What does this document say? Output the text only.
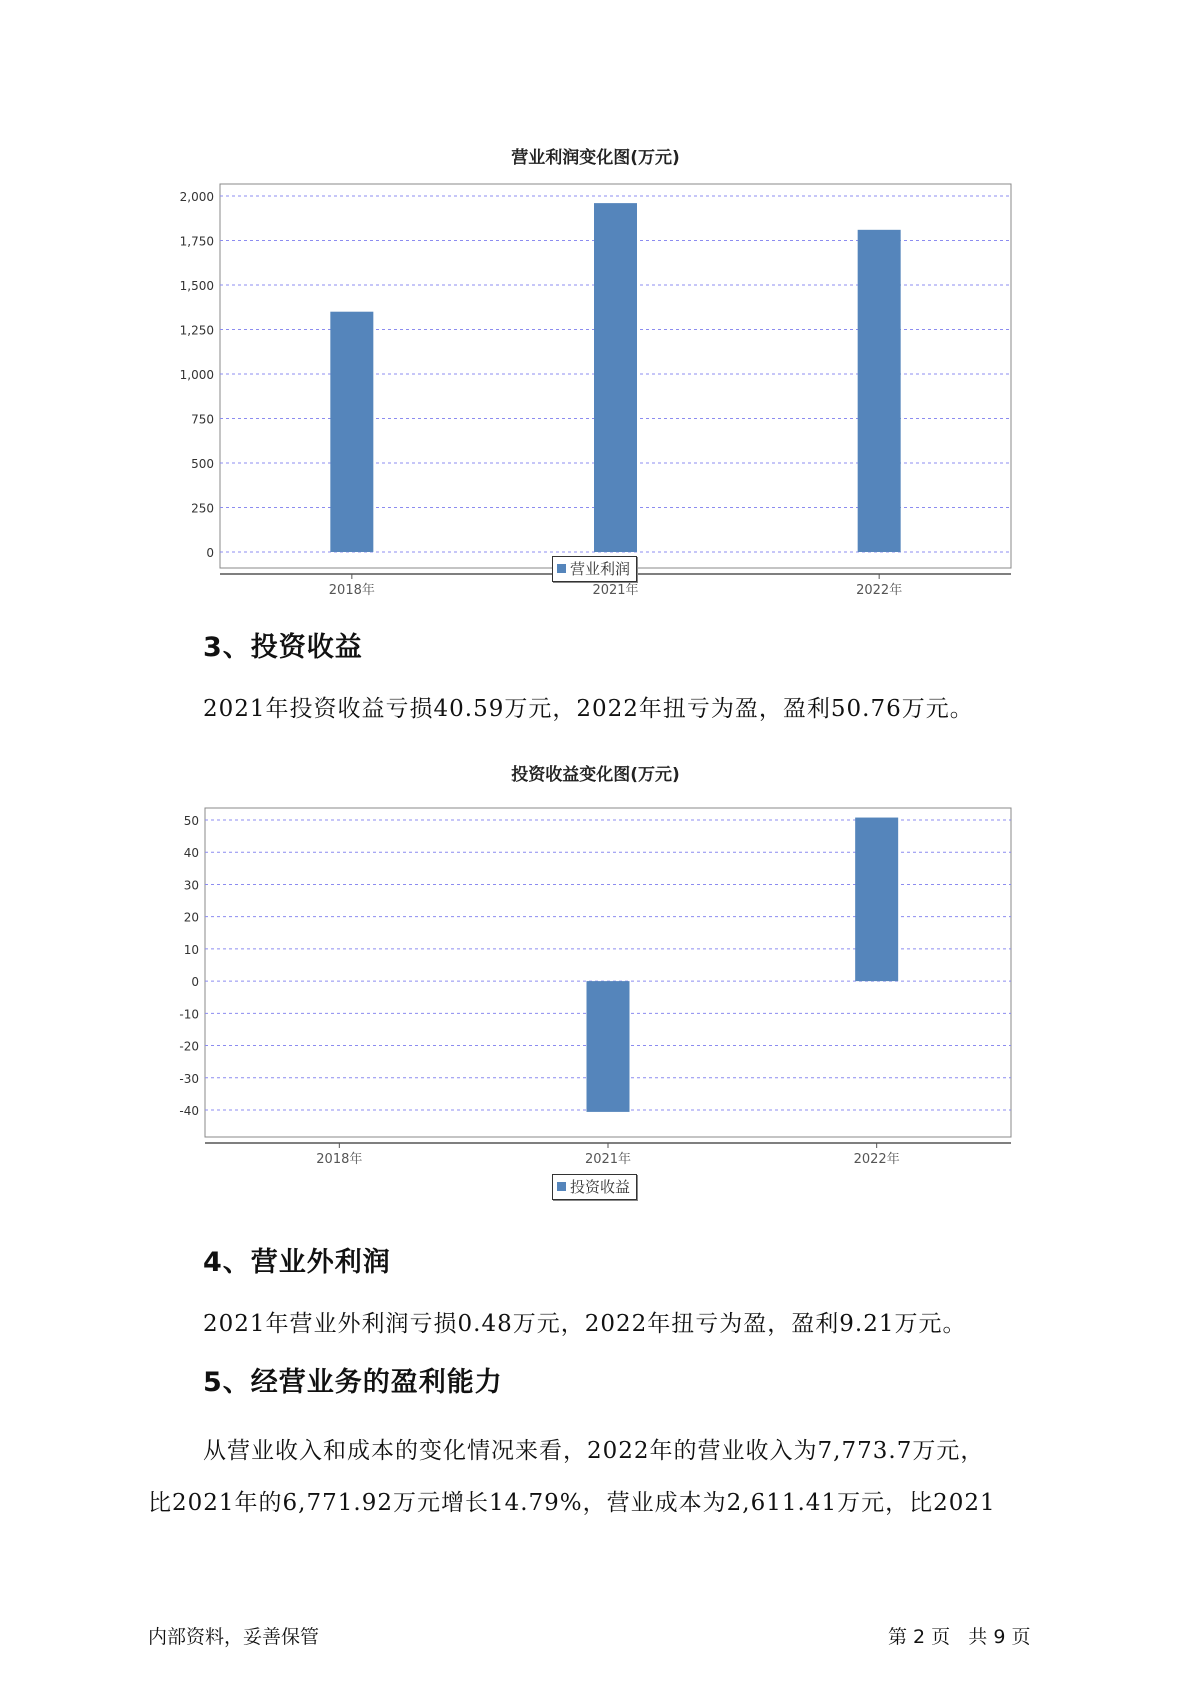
营业利润变化图(万元)
0
250
500
750
1,000
1,250
1,500
1,750
2,000
2018年	2021年	2022年
营业利润
3、投资收益
2021年投资收益亏损40.59万元，2022年扭亏为盈，盈利50.76万元。
投资收益变化图(万元)
-40
-30
-20
-10
0
10
20
30
40
50
2018年	2021年	2022年
投资收益
4、营业外利润
2021年营业外利润亏损0.48万元，2022年扭亏为盈，盈利9.21万元。
5、经营业务的盈利能力
从营业收入和成本的变化情况来看，2022年的营业收入为7,773.7万元，
比2021年的6,771.92万元增长14.79%，营业成本为2,611.41万元，比2021
内部资料，妥善保管	第 2 页   共 9 页
